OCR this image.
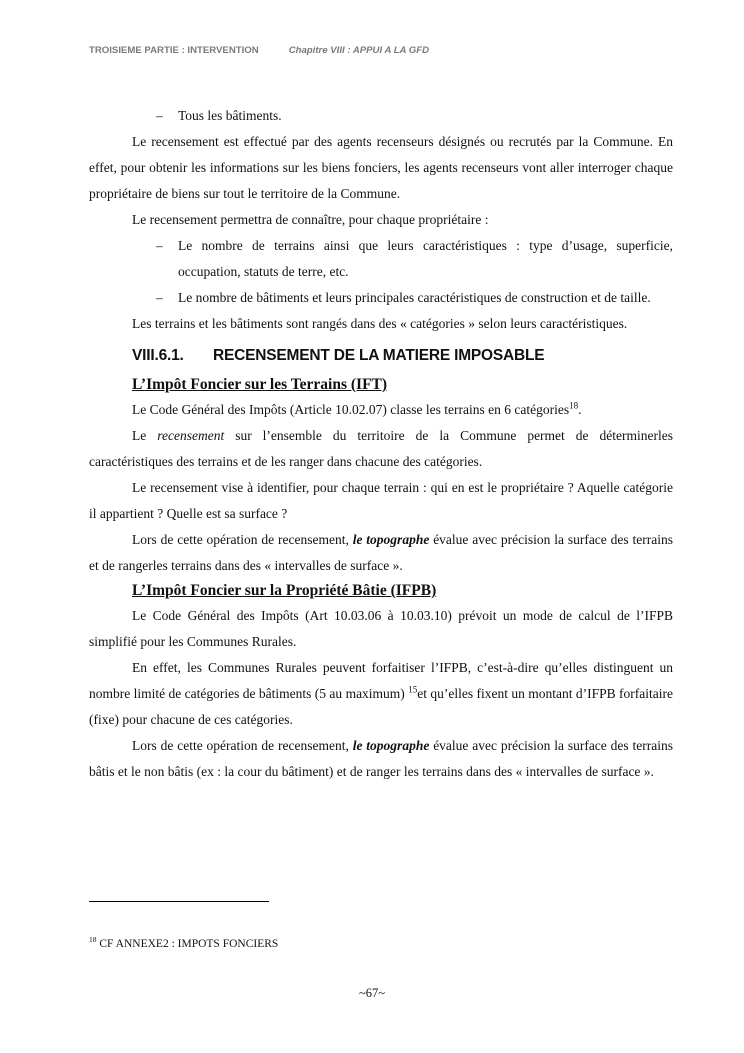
TROISIEME PARTIE : INTERVENTION	Chapitre VIII : APPUI A LA GFD
– Tous les bâtiments.

Le recensement est effectué par des agents recenseurs désignés ou recrutés par la Commune. En effet, pour obtenir les informations sur les biens fonciers, les agents recenseurs vont aller interroger chaque propriétaire de biens sur tout le territoire de la Commune.

Le recensement permettra de connaître, pour chaque propriétaire :

– Le nombre de terrains ainsi que leurs caractéristiques : type d’usage, superficie, occupation, statuts de terre, etc.
– Le nombre de bâtiments et leurs principales caractéristiques de construction et de taille.

Les terrains et les bâtiments sont rangés dans des « catégories » selon leurs caractéristiques.

VIII.6.1. RECENSEMENT DE LA MATIERE IMPOSABLE
L’Impôt Foncier sur les Terrains (IFT)

Le Code Général des Impôts (Article 10.02.07) classe les terrains en 6 catégories$^{18}$.

Le recensement sur l’ensemble du territoire de la Commune permet de déterminerles caractéristiques des terrains et de les ranger dans chacune des catégories.

Le recensement vise à identifier, pour chaque terrain : qui en est le propriétaire ? Aquelle catégorie il appartient ? Quelle est sa surface ?

Lors de cette opération de recensement, le topographe évalue avec précision la surface des terrains et de rangerles terrains dans des « intervalles de surface ».

L’Impôt Foncier sur la Propriété Bâtie (IFPB)

Le Code Général des Impôts (Art 10.03.06 à 10.03.10) prévoit un mode de calcul de l’IFPB simplifié pour les Communes Rurales.

En effet, les Communes Rurales peuvent forfaitiser l’IFPB, c’est-à-dire qu’elles distinguent un nombre limité de catégories de bâtiments (5 au maximum) $^{15}$et qu’elles fixent un montant d’IFPB forfaitaire (fixe) pour chacune de ces catégories.

Lors de cette opération de recensement, le topographe évalue avec précision la surface des terrains bâtis et le non bâtis (ex : la cour du bâtiment) et de ranger les terrains dans des « intervalles de surface ».

$^{18}$ CF ANNEXE2 : IMPOTS FONCIERS
~67~
